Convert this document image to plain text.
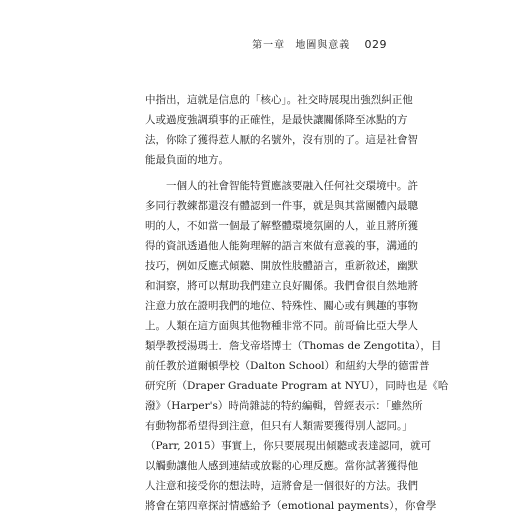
第一章 地圖與意義 029
中指出，這就是信息的「核心」。社交時展現出強烈糾正他
人或過度強調瑣事的正確性，是最快讓關係降至冰點的方
法，你除了獲得惹人厭的名號外，沒有別的了。這是社會智
能最負面的地方。
一個人的社會智能特質應該要融入任何社交環境中。許
多同行教練都還沒有體認到一件事，就是與其當團體內最聰
明的人，不如當一個最了解整體環境氛圍的人，並且將所獲
得的資訊透過他人能夠理解的語言來做有意義的事，溝通的
技巧，例如反應式傾聽、開放性肢體語言，重新敘述，幽默
和洞察，將可以幫助我們建立良好關係。我們會很自然地將
注意力放在證明我們的地位、特殊性、關心或有興趣的事物
上。人類在這方面與其他物種非常不同。前哥倫比亞大學人
類學教授湯瑪士．詹戈帝塔博士（Thomas de Zengotita），目
前任教於道爾頓學校（Dalton School）和紐約大學的德雷普
研究所（Draper Graduate Program at NYU），同時也是《哈
潑》（Harper's）時尚雜誌的特約編輯，曾經表示：「雖然所
有動物都希望得到注意，但只有人類需要獲得別人認同。」
（Parr, 2015）事實上，你只要展現出傾聽或表達認同，就可
以觸動讓他人感到連結或放鬆的心理反應。當你試著獲得他
人注意和接受你的想法時，這將會是一個很好的方法。我們
將會在第四章探討情感給予（emotional payments），你會學
